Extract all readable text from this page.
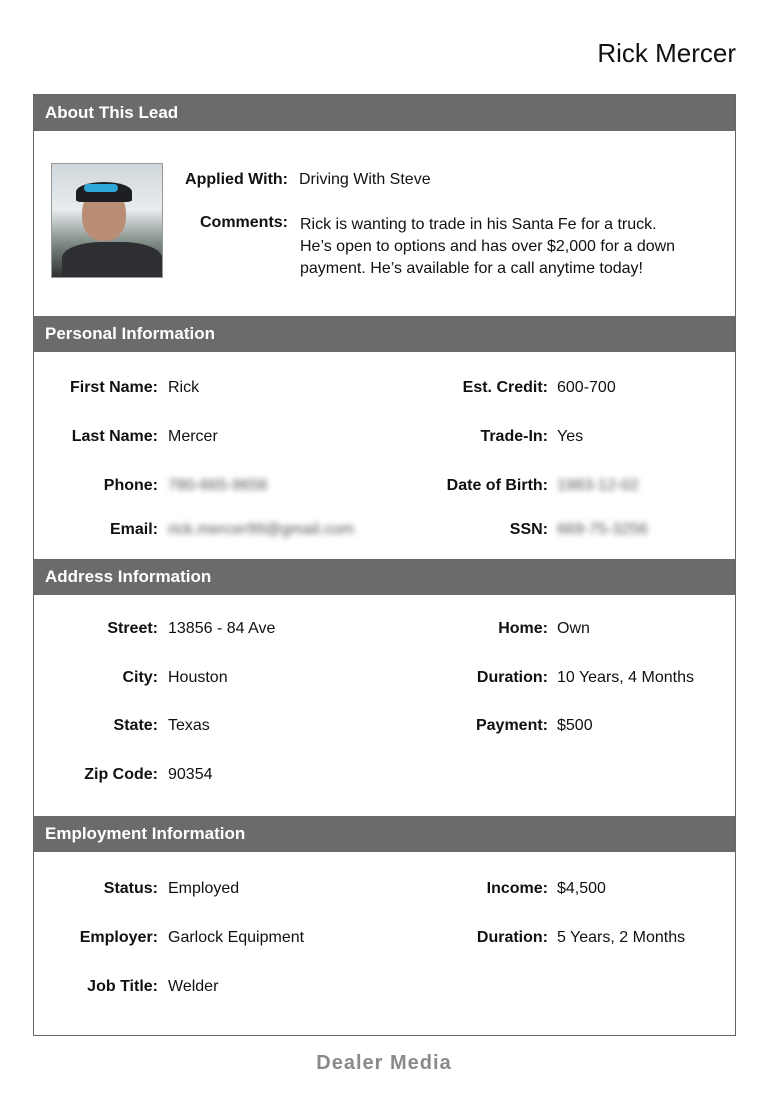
Rick Mercer
About This Lead
Applied With: Driving With Steve
Comments: Rick is wanting to trade in his Santa Fe for a truck.
He’s open to options and has over $2,000 for a down
payment. He’s available for a call anytime today!
Personal Information
First Name: Rick
Last Name: Mercer
Phone: 780-665-9656
Email: rick.mercer99@gmail.com
Est. Credit: 600-700
Trade-In: Yes
Date of Birth: 1983-12-02
SSN: 669-75-3256
Address Information
Street: 13856 - 84 Ave
City: Houston
State: Texas
Zip Code: 90354
Home: Own
Duration: 10 Years, 4 Months
Payment: $500
Employment Information
Status: Employed
Employer: Garlock Equipment
Job Title: Welder
Income: $4,500
Duration: 5 Years, 2 Months
Dealer Media
